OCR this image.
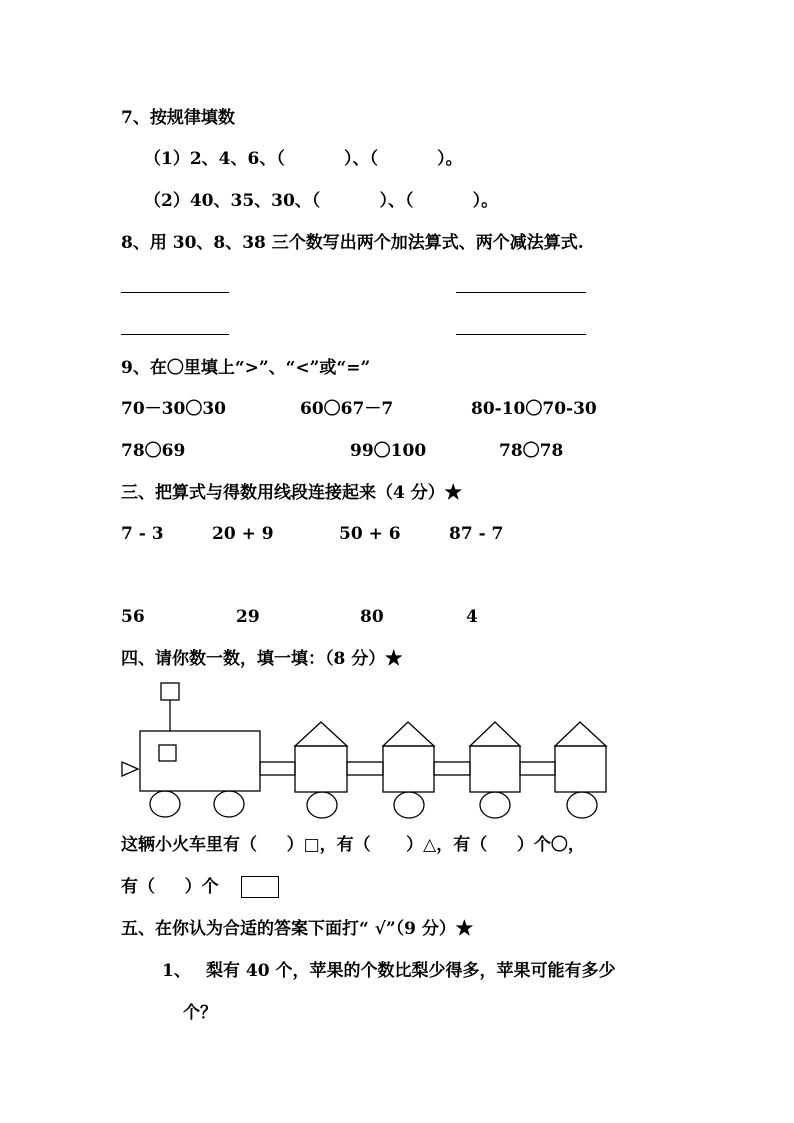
7、按规律填数
（1）2、4、6、（          ）、（          ）。
（2）40、35、30、（          ）、（          ）。
8、用 30、8、38 三个数写出两个加法算式、两个减法算式.
9、在〇里填上“>”、“<”或“=”
70－30〇30	60〇67－7	80-10〇70-30
78〇69	99〇100	78〇78
三、把算式与得数用线段连接起来（4 分）★
7 - 3	20 + 9	50 + 6	87 - 7
56	29	80	4
四、请你数一数，填一填：（8 分）★
这辆小火车里有（     ）□，有（      ）△，有（     ）个〇，
有（     ）个
五、在你认为合适的答案下面打“ √”（9 分）★
1、 梨有 40 个，苹果的个数比梨少得多，苹果可能有多少
个？
